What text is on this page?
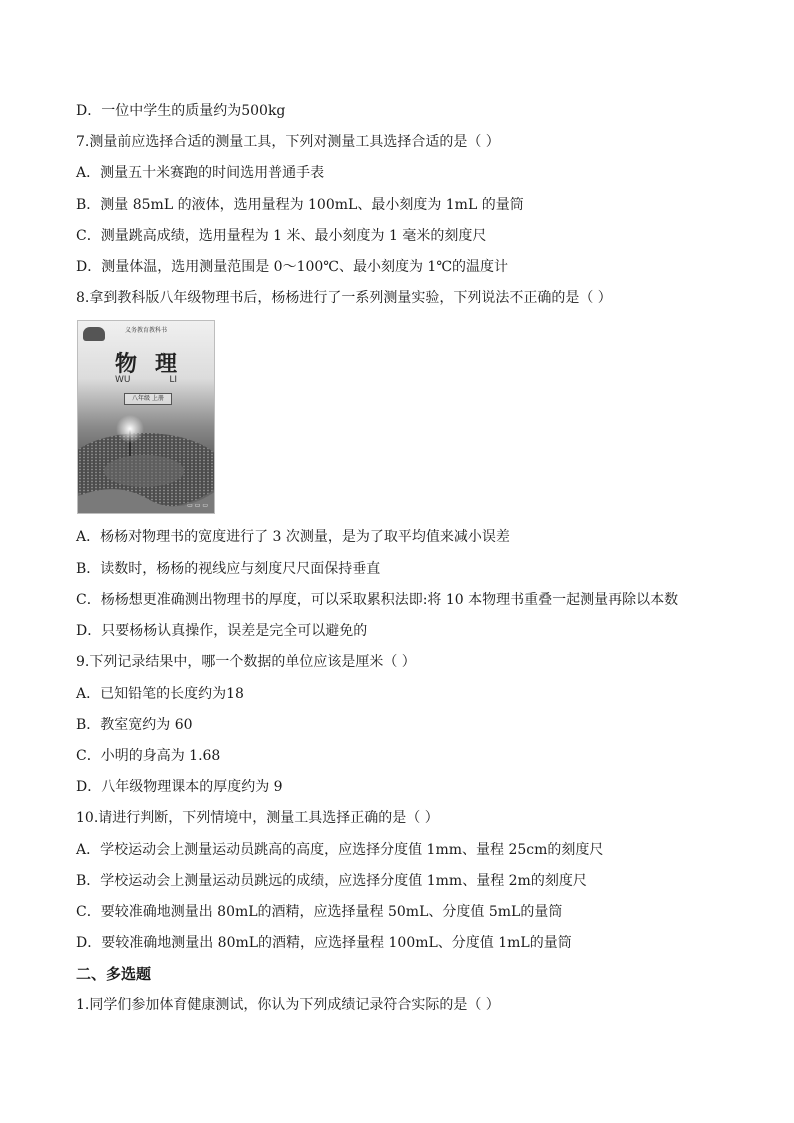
D．一位中学生的质量约为500kg
7.测量前应选择合适的测量工具，下列对测量工具选择合适的是（ ）
A．测量五十米赛跑的时间选用普通手表
B．测量 85mL 的液体，选用量程为 100mL、最小刻度为 1mL 的量筒
C．测量跳高成绩，选用量程为 1 米、最小刻度为 1 毫米的刻度尺
D．测量体温，选用测量范围是 0～100℃、最小刻度为 1℃的温度计
8.拿到教科版八年级物理书后，杨杨进行了一系列测量实验，下列说法不正确的是（ ）
义务教育教科书
物理
WU LI
八年级 上册
▭ ▭ ▭
A．杨杨对物理书的宽度进行了 3 次测量，是为了取平均值来减小误差
B．读数时，杨杨的视线应与刻度尺尺面保持垂直
C．杨杨想更准确测出物理书的厚度，可以采取累积法即:将 10 本物理书重叠一起测量再除以本数
D．只要杨杨认真操作，误差是完全可以避免的
9.下列记录结果中，哪一个数据的单位应该是厘米（ ）
A．已知铅笔的长度约为18
B．教室宽约为 60
C．小明的身高为 1.68
D．八年级物理课本的厚度约为 9
10.请进行判断，下列情境中，测量工具选择正确的是（ ）
A．学校运动会上测量运动员跳高的高度，应选择分度值 1mm、量程 25cm的刻度尺
B．学校运动会上测量运动员跳远的成绩，应选择分度值 1mm、量程 2m的刻度尺
C．要较准确地测量出 80mL的酒精，应选择量程 50mL、分度值 5mL的量筒
D．要较准确地测量出 80mL的酒精，应选择量程 100mL、分度值 1mL的量筒
二、多选题
1.同学们参加体育健康测试，你认为下列成绩记录符合实际的是（ ）
